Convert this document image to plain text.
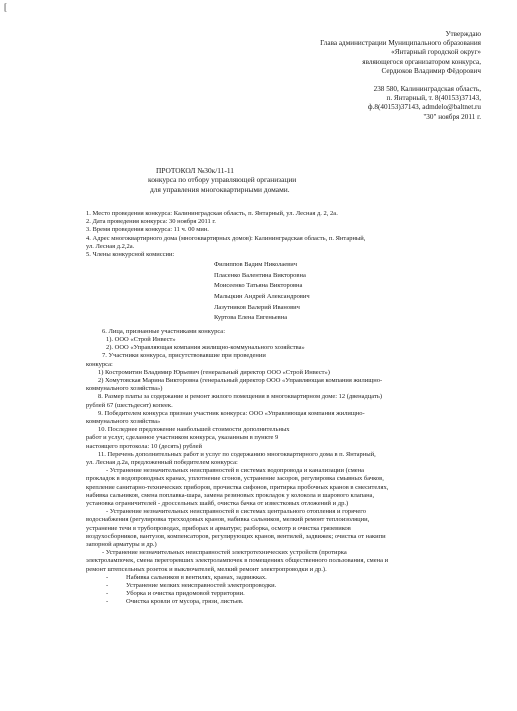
[
Утверждаю
Глава администрации Муниципального образования
«Янтарный городской округ»
являющегося организатором конкурса,
Сердюков Владимир Фёдорович
238 580, Калининградская область,
п. Янтарный, т. 8(40153)37143,
ф.8(40153)37143, admdelo@baltnet.ru
"30" ноября 2011 г.
ПРОТОКОЛ №30к/11-11
конкурса по отбору управляющей организации
для управления многоквартирными домами.
1. Место проведения конкурса: Калининградская область, п. Янтарный, ул. Лесная д. 2, 2а.
2. Дата проведения конкурса: 30 ноября 2011 г.
3. Время проведения конкурса: 11 ч. 00 мин.
4. Адрес многоквартирного дома (многоквартирных домов): Калининградская область, п. Янтарный,
ул. Лесная д.2,2а.
5. Члены конкурсной комиссии:
Филиппов Вадим Николаевич
Пласенко Валентина Викторовна
Моисеенко Татьяна Викторовна
Мальцкин Андрей Александрович
Лазутников Валерий Иванович
Куртова Елена Евгеньевна
6. Лица, признанные участниками конкурса:
1). ООО «Строй Инвест»
2). ООО «Управляющая компания жилищно-коммунального хозяйства»
7. Участники конкурса, присутствовавшие при проведении
конкурса:
1) Костромитин Владимир Юрьевич (генеральный директор ООО «Строй Инвест»)
2) Хомутовская Марина Викторовна (генеральный директор ООО «Управляющая компания жилищно-
коммунального хозяйства»)
8. Размер платы за содержание и ремонт жилого помещения в многоквартирном доме: 12 (двенадцать)
рублей 67 (шестьдесят) копеек.
9. Победителем конкурса признан участник конкурса: ООО «Управляющая компания жилищно-
коммунального хозяйства»
10. Последнее предложение наибольшей стоимости дополнительных
работ и услуг, сделанное участником конкурса, указанным в пункте 9
настоящего протокола: 10 (десять) рублей
11. Перечень дополнительных работ и услуг по содержанию многоквартирного дома в п. Янтарный,
ул. Лесная д.2а, предложенный победителем конкурса:
- Устранение незначительных неисправностей в системах водопровода и канализации (смена
прокладок в водопроводных кранах, уплотнение сгонов, устранение засоров, регулировка смывных бачков,
крепление санитарно-технических приборов, прочистка сифонов, притирка пробочных кранов в смесителях,
набивка сальников, смена поплавка-шара, замена резиновых прокладок у колокола и шарового клапана,
установка ограничителей - дроссельных шайб, очистка бачка от известковых отложений и др.)
- Устранение незначительных неисправностей в системах центрального отопления и горячего
водоснабжения (регулировка трехходовых кранов, набивка сальников, мелкий ремонт теплоизоляции,
устранение течи в трубопроводах, приборах и арматуре; разборка, осмотр и очистка грязевиков
воздухосборников, вантузов, компенсаторов, регулирующих кранов, вентилей, задвижек; очистка от накипи
запорной арматуры и др.)
- Устранение незначительных неисправностей электротехнических устройств (протирка
электролампочек, смена перегоревших электролампочек в помещениях общественного пользования, смена и
ремонт штепсельных розеток и выключателей, мелкий ремонт электропроводки и др.).
-	Набивка сальников в вентилях, кранах, задвижках.
-	Устранение мелких неисправностей электропроводки.
-	Уборка и очистка придомовой территории.
-	Очистка кровли от мусора, грязи, листьев.
